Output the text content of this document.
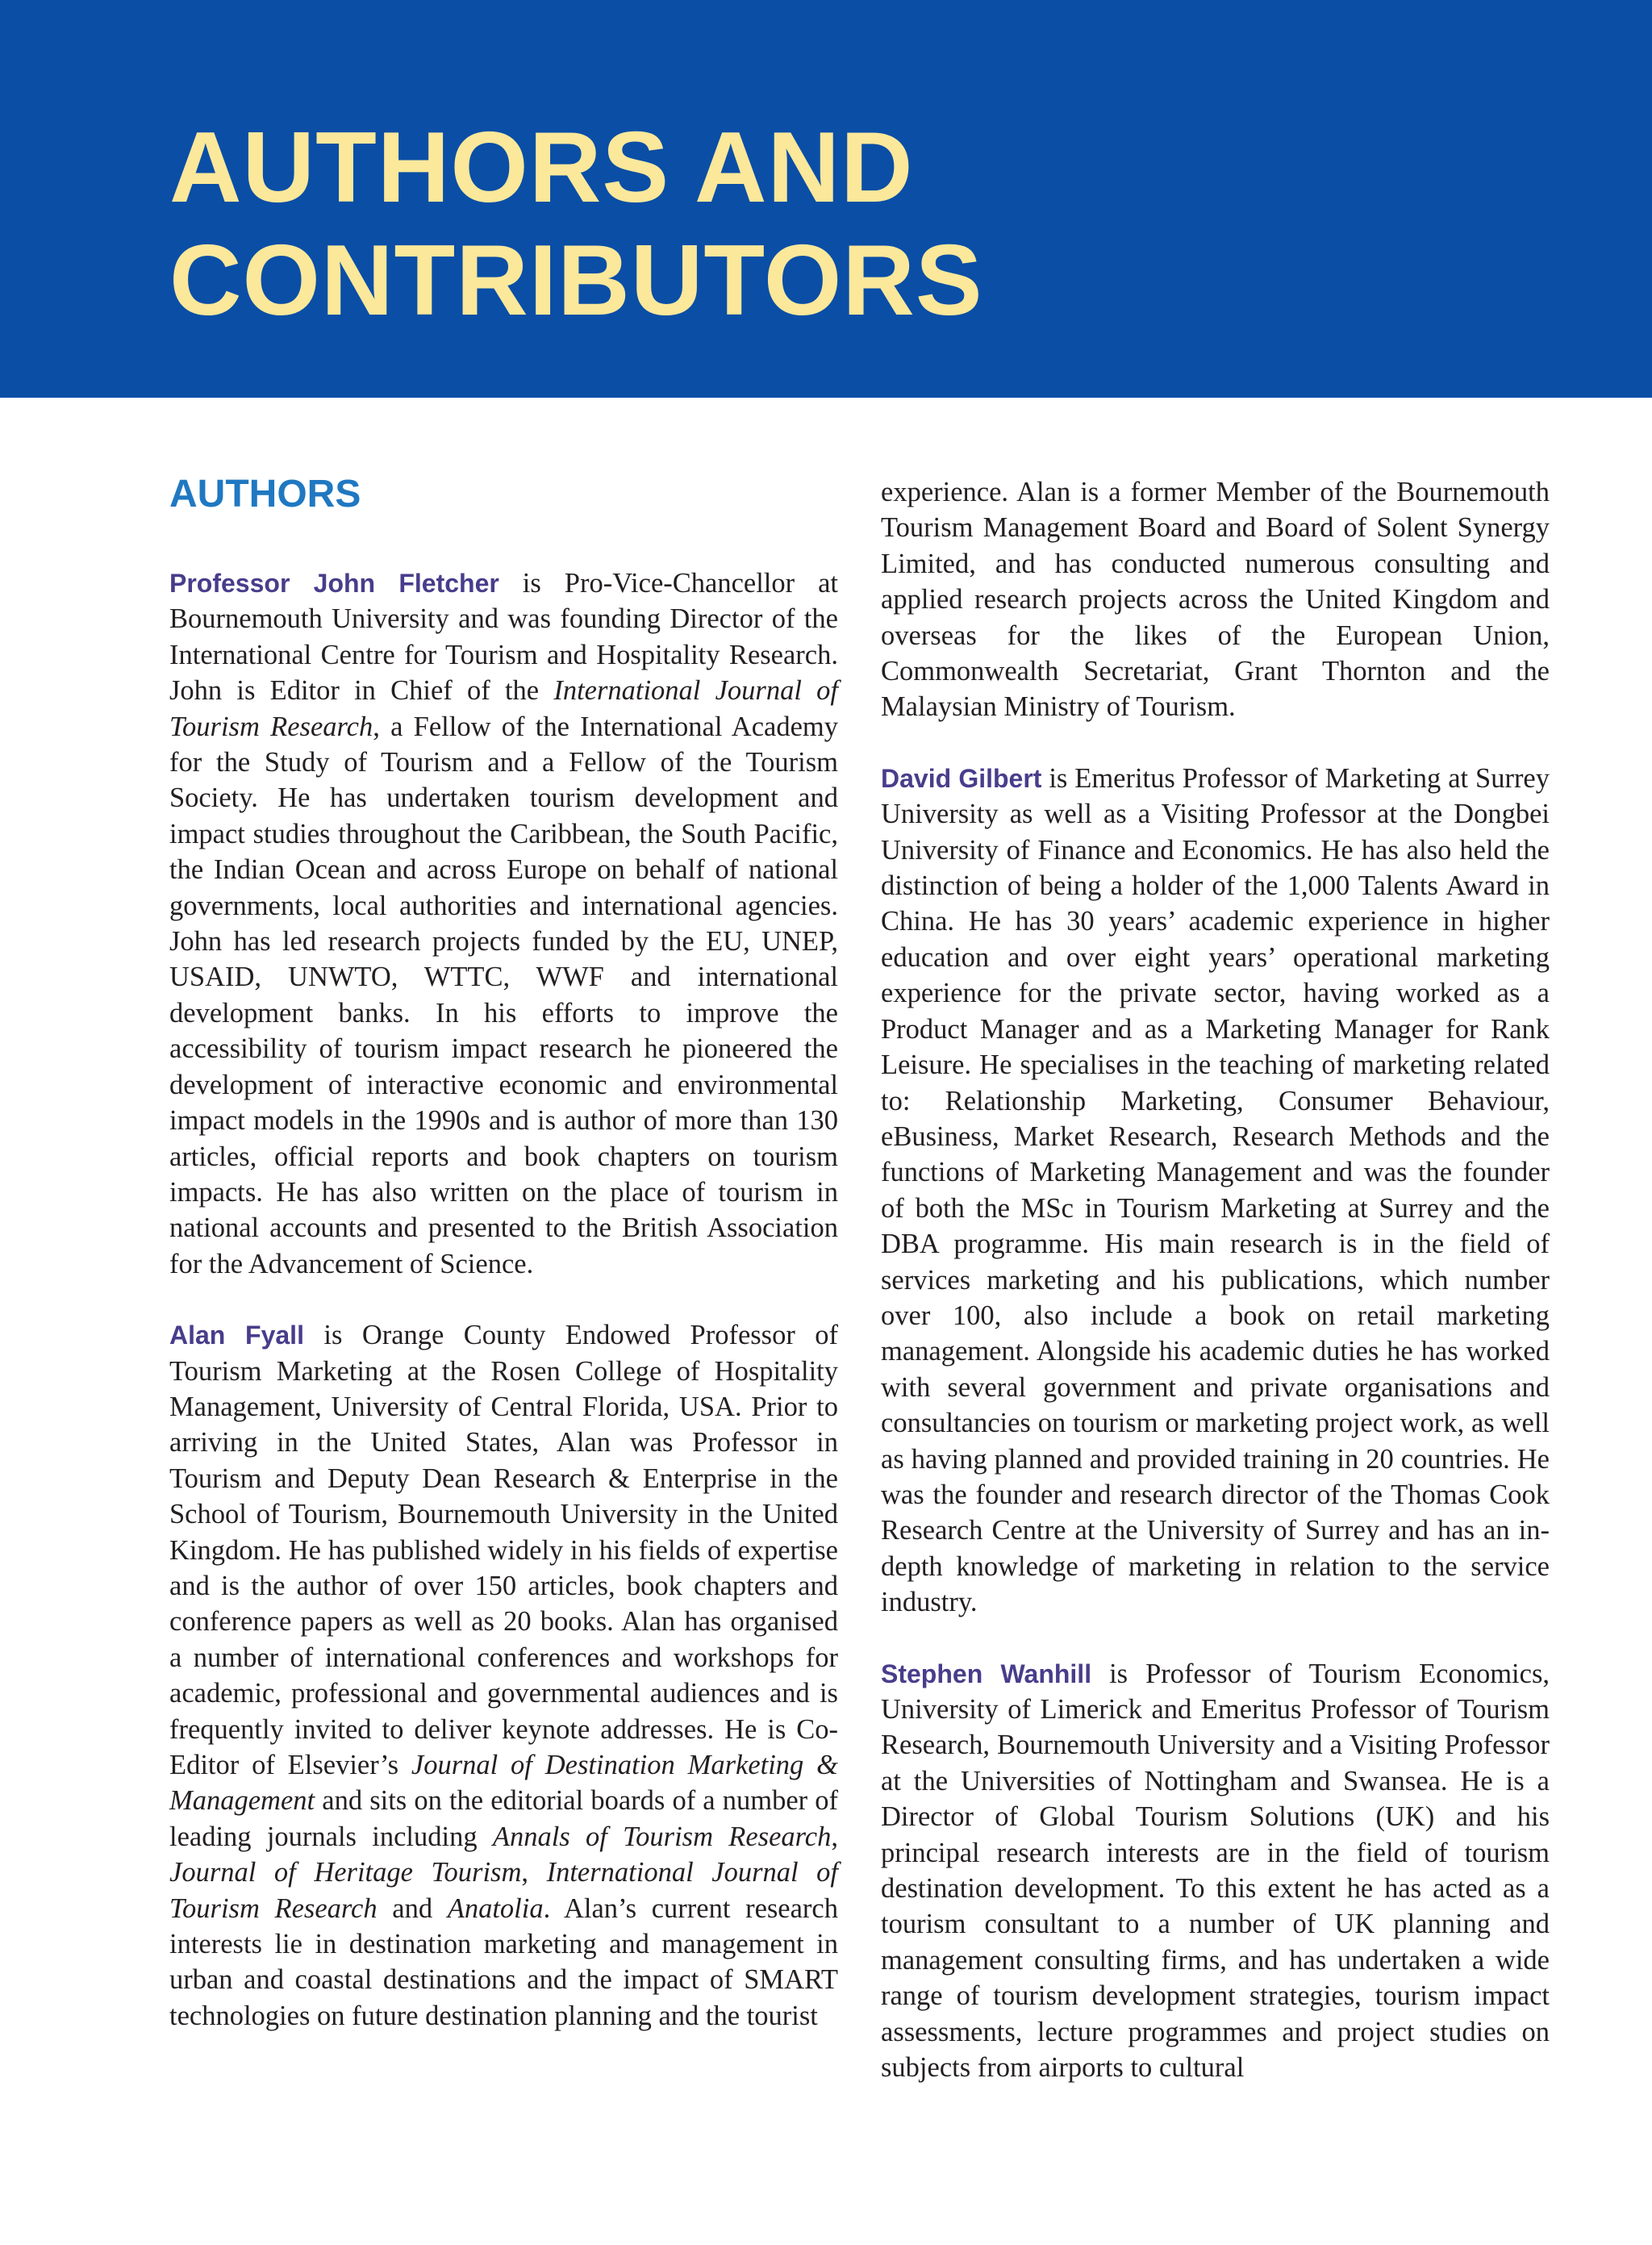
AUTHORS AND
CONTRIBUTORS
AUTHORS

Professor John Fletcher is Pro-Vice-Chancellor at Bournemouth University and was founding Director of the International Centre for Tourism and Hospitality Research. John is Editor in Chief of the International Journal of Tourism Research, a Fellow of the International Academy for the Study of Tourism and a Fellow of the Tourism Society. He has undertaken tourism development and impact studies throughout the Caribbean, the South Pacific, the Indian Ocean and across Europe on behalf of national governments, local authorities and international agencies. John has led research projects funded by the EU, UNEP, USAID, UNWTO, WTTC, WWF and international development banks. In his efforts to improve the accessibility of tourism impact research he pioneered the development of interactive economic and environmental impact models in the 1990s and is author of more than 130 articles, official reports and book chapters on tourism impacts. He has also written on the place of tourism in national accounts and presented to the British Association for the Advancement of Science.

Alan Fyall is Orange County Endowed Professor of Tourism Marketing at the Rosen College of Hospitality Management, University of Central Florida, USA. Prior to arriving in the United States, Alan was Professor in Tourism and Deputy Dean Research & Enterprise in the School of Tourism, Bournemouth University in the United Kingdom. He has published widely in his fields of expertise and is the author of over 150 articles, book chapters and conference papers as well as 20 books. Alan has organised a number of international conferences and workshops for academic, professional and governmental audiences and is frequently invited to deliver keynote addresses. He is Co-Editor of Elsevier’s Journal of Destination Marketing & Management and sits on the editorial boards of a number of leading journals including Annals of Tourism Research, Journal of Heritage Tourism, International Journal of Tourism Research and Anatolia. Alan’s current research interests lie in destination marketing and management in urban and coastal destinations and the impact of SMART technologies on future destination planning and the tourist

experience. Alan is a former Member of the Bournemouth Tourism Management Board and Board of Solent Synergy Limited, and has conducted numerous consulting and applied research projects across the United Kingdom and overseas for the likes of the European Union, Commonwealth Secretariat, Grant Thornton and the Malaysian Ministry of Tourism.

David Gilbert is Emeritus Professor of Marketing at Surrey University as well as a Visiting Professor at the Dongbei University of Finance and Economics. He has also held the distinction of being a holder of the 1,000 Talents Award in China. He has 30 years’ academic experience in higher education and over eight years’ operational marketing experience for the private sector, having worked as a Product Manager and as a Marketing Manager for Rank Leisure. He specialises in the teaching of marketing related to: Relationship Marketing, Consumer Behaviour, eBusiness, Market Research, Research Methods and the functions of Marketing Management and was the founder of both the MSc in Tourism Marketing at Surrey and the DBA programme. His main research is in the field of services marketing and his publications, which number over 100, also include a book on retail marketing management. Alongside his academic duties he has worked with several government and private organisations and consultancies on tourism or marketing project work, as well as having planned and provided training in 20 countries. He was the founder and research director of the Thomas Cook Research Centre at the University of Surrey and has an in-depth knowledge of marketing in relation to the service industry.

Stephen Wanhill is Professor of Tourism Economics, University of Limerick and Emeritus Professor of Tourism Research, Bournemouth University and a Visiting Professor at the Universities of Nottingham and Swansea. He is a Director of Global Tourism Solutions (UK) and his principal research interests are in the field of tourism destination development. To this extent he has acted as a tourism consultant to a number of UK planning and management consulting firms, and has undertaken a wide range of tourism development strategies, tourism impact assessments, lecture programmes and project studies on subjects from airports to cultural
